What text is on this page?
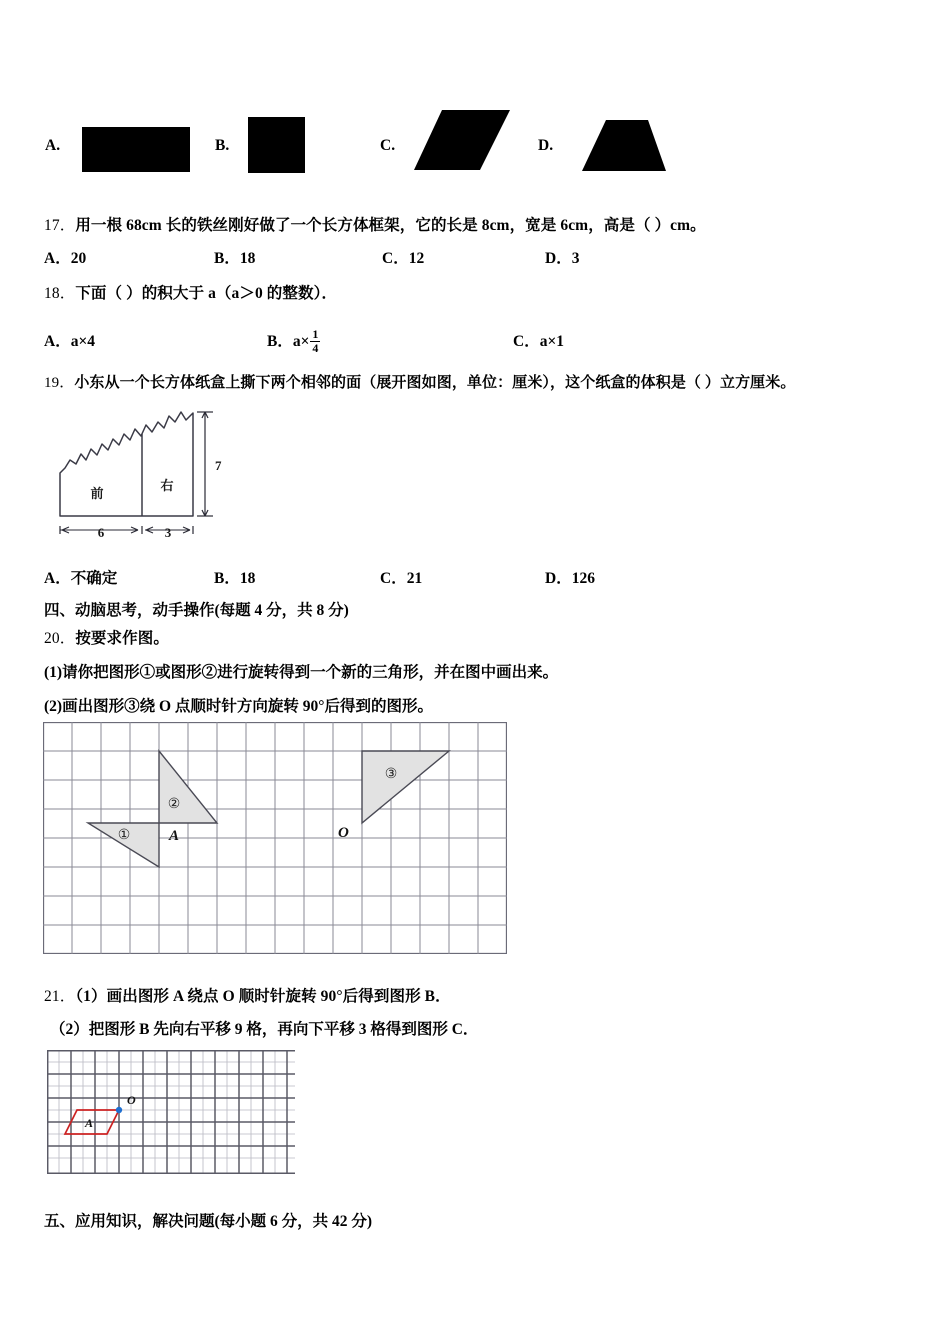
A.	B.	C.	D.
17．用一根 68cm 长的铁丝刚好做了一个长方体框架，它的长是 8cm，宽是 6cm，高是（ ）cm。
A．20	B．18	C．12	D．3
18．下面（ ）的积大于 a（a＞0 的整数）．
A．a×4	B．$a\times \frac{1}{4}$	C．a×1
19．小东从一个长方体纸盒上撕下两个相邻的面（展开图如图，单位：厘米），这个纸盒的体积是（ ）立方厘米。
前
右
7
6	3
A．不确定	B．18	C．21	D．126
四、动脑思考，动手操作(每题 4 分，共 8 分)
20．按要求作图。
(1)请你把图形①或图形②进行旋转得到一个新的三角形，并在图中画出来。
(2)画出图形③绕 O 点顺时针方向旋转 90°后得到的图形。
①
②
A
③
O
21．（1）画出图形 A 绕点 O 顺时针旋转 90°后得到图形 B．
（2）把图形 B 先向右平移 9 格，再向下平移 3 格得到图形 C．
A
O
五、应用知识，解决问题(每小题 6 分，共 42 分)
